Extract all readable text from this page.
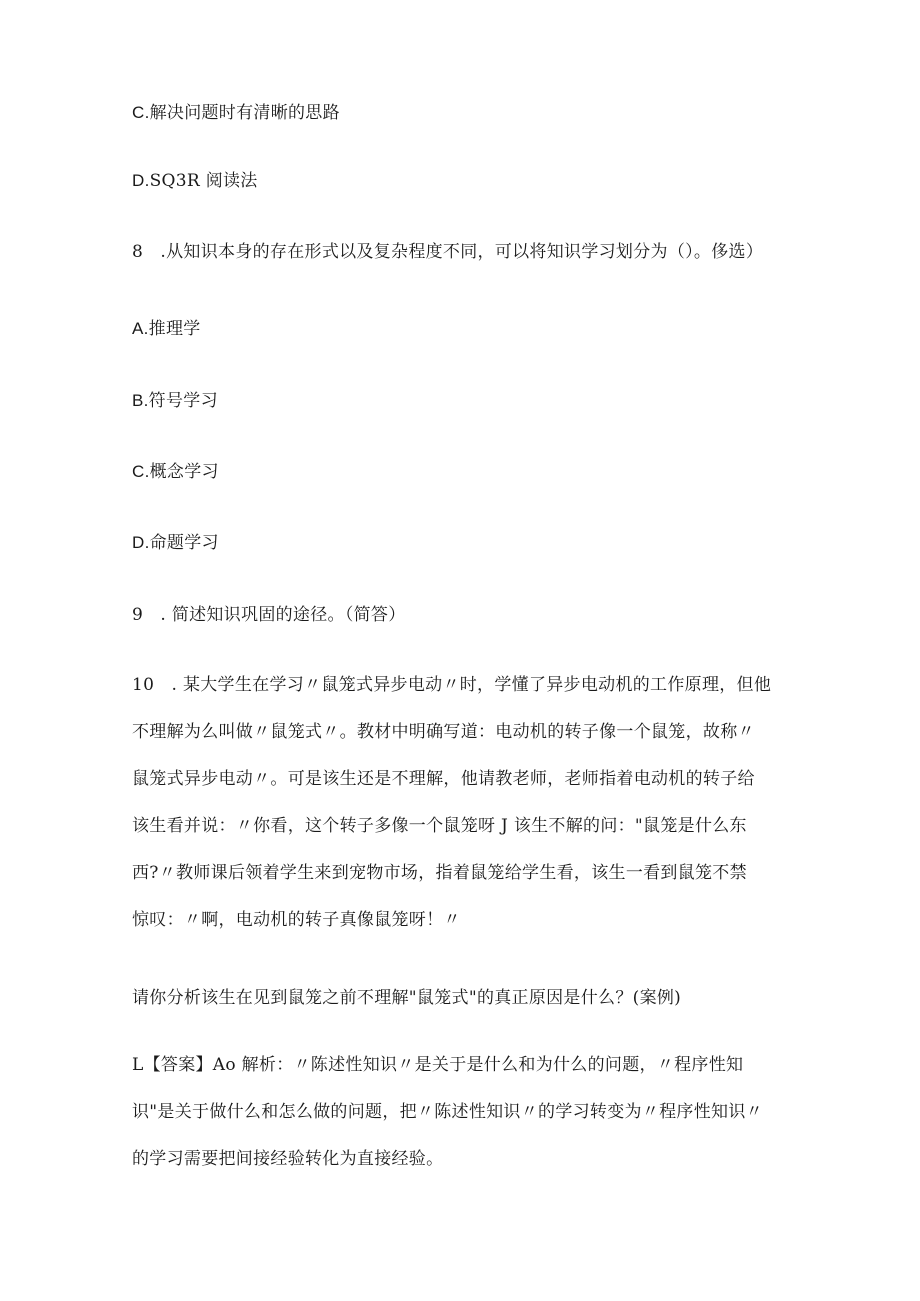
C.解决问题时有清晰的思路
D.SQ3R 阅读法
8　.从知识本身的存在形式以及复杂程度不同，可以将知识学习划分为（）。侈选）
A.推理学
B.符号学习
C.概念学习
D.命题学习
9　. 简述知识巩固的途径。（简答）
10　. 某大学生在学习〃鼠笼式异步电动〃时，学懂了异步电动机的工作原理，但他
不理解为么叫做〃鼠笼式〃。教材中明确写道：电动机的转子像一个鼠笼，故称〃
鼠笼式异步电动〃。可是该生还是不理解，他请教老师，老师指着电动机的转子给
该生看并说：〃你看，这个转子多像一个鼠笼呀 J 该生不解的问："鼠笼是什么东
西?〃教师课后领着学生来到宠物市场，指着鼠笼给学生看，该生一看到鼠笼不禁
惊叹：〃啊，电动机的转子真像鼠笼呀！〃
请你分析该生在见到鼠笼之前不理解"鼠笼式"的真正原因是什么？(案例)
L【答案】Ao 解析：〃陈述性知识〃是关于是什么和为什么的问题，〃程序性知
识"是关于做什么和怎么做的问题，把〃陈述性知识〃的学习转变为〃程序性知识〃
的学习需要把间接经验转化为直接经验。
